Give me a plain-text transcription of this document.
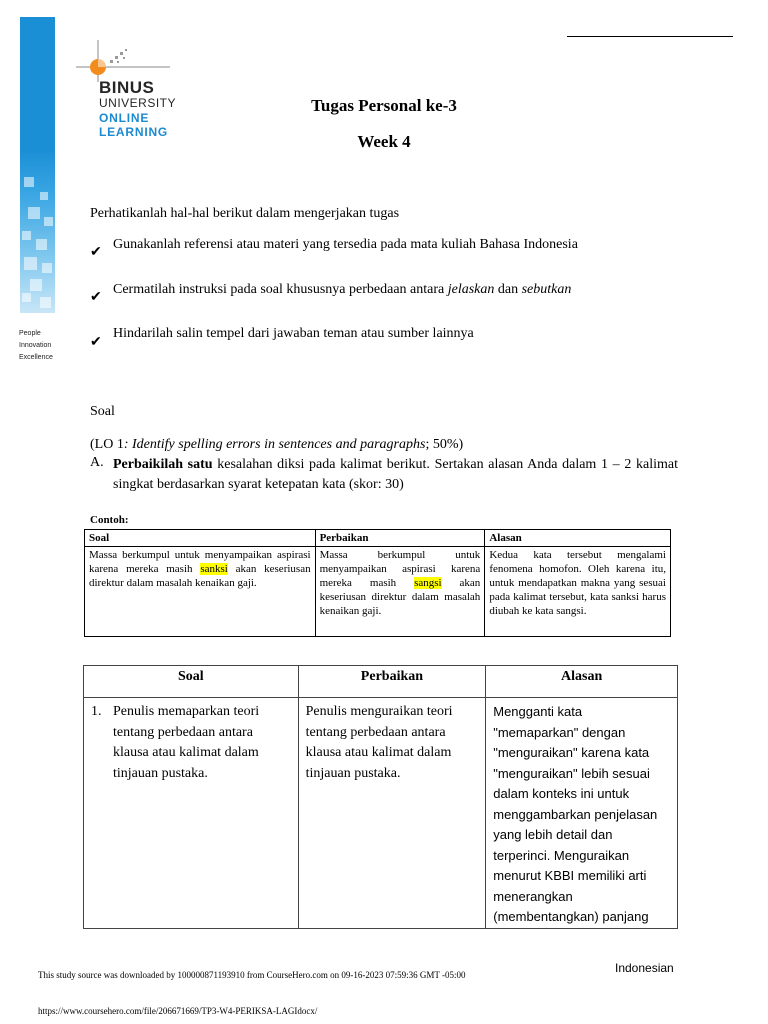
People
Innovation
Excellence
BINUS
UNIVERSITY
ONLINE
LEARNING
Tugas Personal ke-3
Week 4
Perhatikanlah hal-hal berikut dalam mengerjakan tugas
✔
Gunakanlah referensi atau materi yang tersedia pada mata kuliah Bahasa Indonesia
✔
Cermatilah instruksi pada soal khususnya perbedaan antara jelaskan dan sebutkan
✔
Hindarilah salin tempel dari jawaban teman atau sumber lainnya
Soal
(LO 1: Identify spelling errors in sentences and paragraphs; 50%)
A. Perbaikilah satu kesalahan diksi pada kalimat berikut. Sertakan alasan Anda dalam 1 – 2 kalimat singkat berdasarkan syarat ketepatan kata (skor: 30)
Contoh:
Soal	Perbaikan	Alasan
Massa berkumpul untuk menyampaikan aspirasi karena mereka masih sanksi akan keseriusan direktur dalam masalah kenaikan gaji.	Massa berkumpul untuk menyampaikan aspirasi karena mereka masih sangsi akan keseriusan direktur dalam masalah kenaikan gaji.	Kedua kata tersebut mengalami fenomena homofon. Oleh karena itu, untuk mendapatkan makna yang sesuai pada kalimat tersebut, kata sanksi harus diubah ke kata sangsi.
Soal	Perbaikan	Alasan

1. Penulis memaparkan teori tentang perbedaan antara klausa atau kalimat dalam tinjauan pustaka.	Penulis menguraikan teori tentang perbedaan antara klausa atau kalimat dalam tinjauan pustaka.	Mengganti kata "memaparkan" dengan "menguraikan" karena kata "menguraikan" lebih sesuai dalam konteks ini untuk menggambarkan penjelasan yang lebih detail dan terperinci. Menguraikan menurut KBBI memiliki arti menerangkan (membentangkan) panjang
This study source was downloaded by 100000871193910 from CourseHero.com on 09-16-2023 07:59:36 GMT -05:00	Indonesian
https://www.coursehero.com/file/206671669/TP3-W4-PERIKSA-LAGIdocx/
